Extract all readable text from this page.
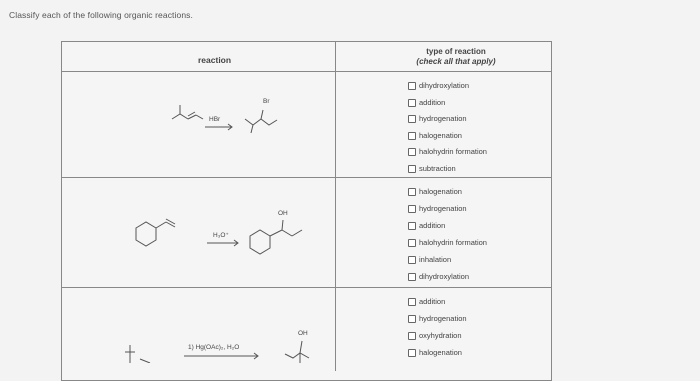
Classify each of the following organic reactions.
reaction
type of reaction
(check all that apply)
dihydroxylation
addition
hydrogenation
halogenation
halohydrin formation
subtraction
halogenation
hydrogenation
addition
halohydrin formation
inhalation
dihydroxylation
addition
hydrogenation
oxyhydration
halogenation
HBr
Br
H₃O⁺
OH
1) Hg(OAc)₂, H₂O
OH
